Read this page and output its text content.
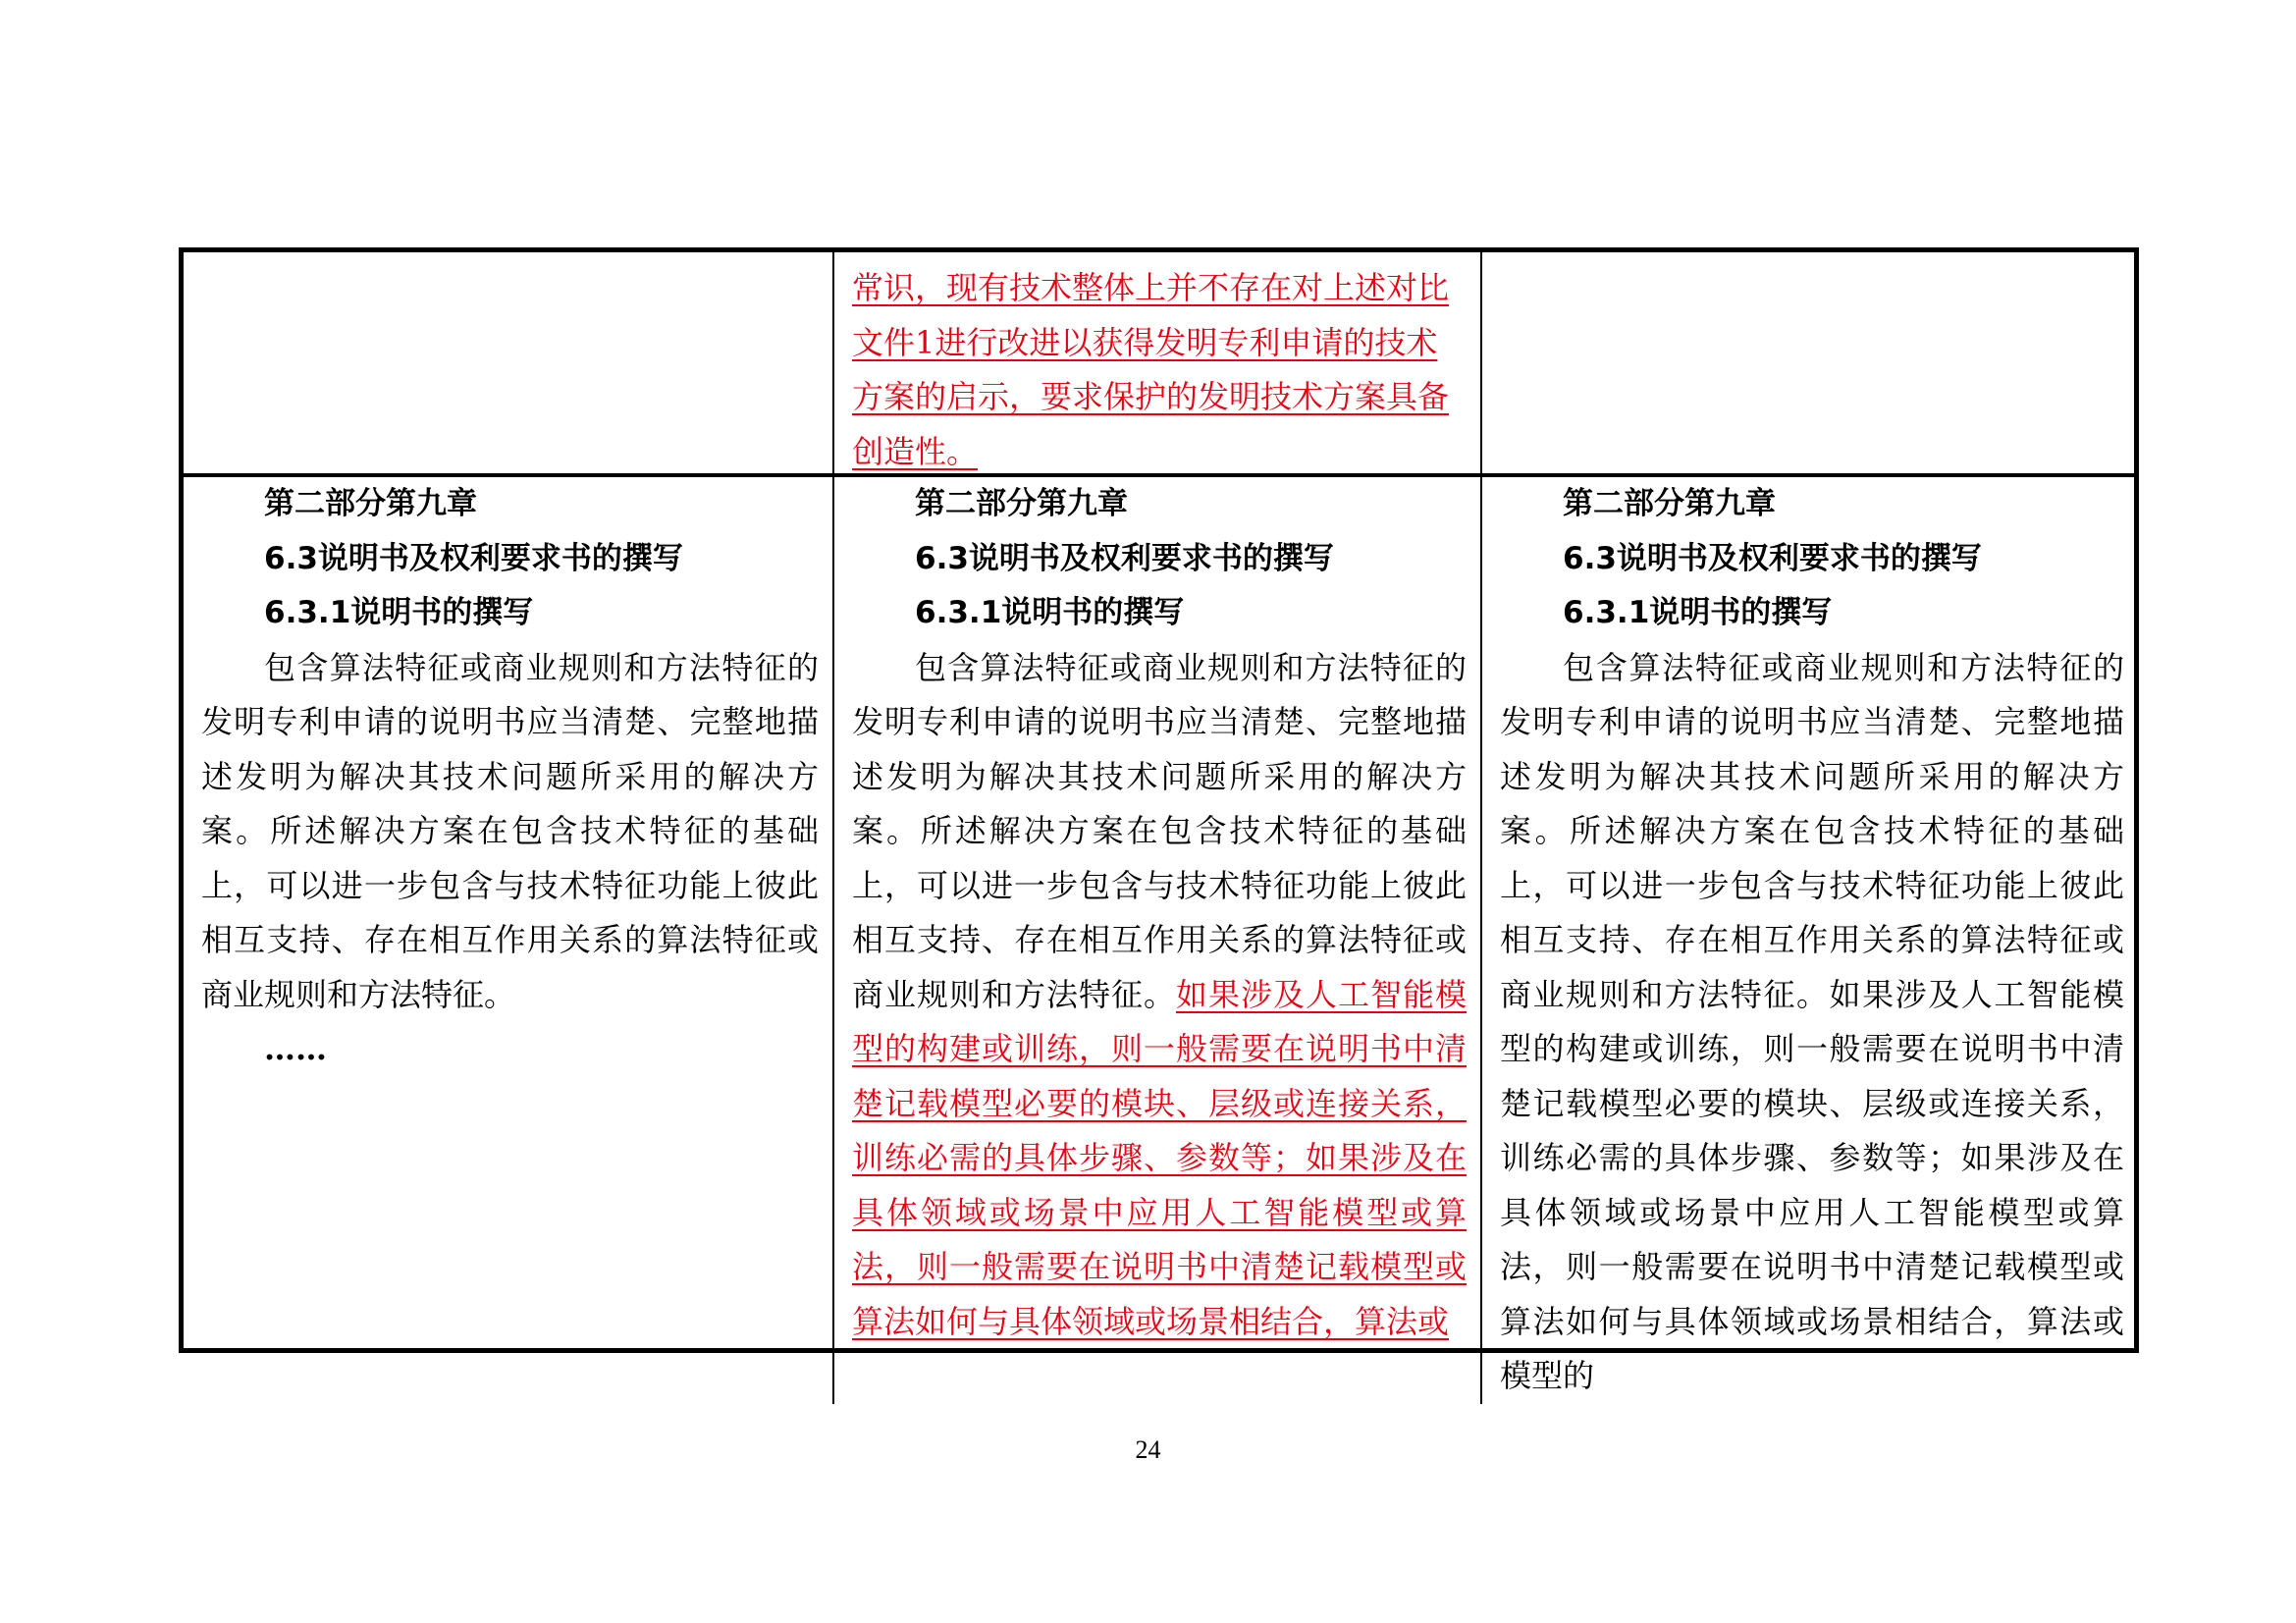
常识，现有技术整体上并不存在对上述对比文件1进行改进以获得发明专利申请的技术方案的启示，要求保护的发明技术方案具备创造性。
第二部分第九章
6.3说明书及权利要求书的撰写
6.3.1说明书的撰写
包含算法特征或商业规则和方法特征的发明专利申请的说明书应当清楚、完整地描述发明为解决其技术问题所采用的解决方案。所述解决方案在包含技术特征的基础上，可以进一步包含与技术特征功能上彼此相互支持、存在相互作用关系的算法特征或商业规则和方法特征。
……
第二部分第九章
6.3说明书及权利要求书的撰写
6.3.1说明书的撰写
包含算法特征或商业规则和方法特征的发明专利申请的说明书应当清楚、完整地描述发明为解决其技术问题所采用的解决方案。所述解决方案在包含技术特征的基础上，可以进一步包含与技术特征功能上彼此相互支持、存在相互作用关系的算法特征或商业规则和方法特征。如果涉及人工智能模型的构建或训练，则一般需要在说明书中清楚记载模型必要的模块、层级或连接关系，训练必需的具体步骤、参数等；如果涉及在具体领域或场景中应用人工智能模型或算法，则一般需要在说明书中清楚记载模型或算法如何与具体领域或场景相结合，算法或
第二部分第九章
6.3说明书及权利要求书的撰写
6.3.1说明书的撰写
包含算法特征或商业规则和方法特征的发明专利申请的说明书应当清楚、完整地描述发明为解决其技术问题所采用的解决方案。所述解决方案在包含技术特征的基础上，可以进一步包含与技术特征功能上彼此相互支持、存在相互作用关系的算法特征或商业规则和方法特征。如果涉及人工智能模型的构建或训练，则一般需要在说明书中清楚记载模型必要的模块、层级或连接关系，训练必需的具体步骤、参数等；如果涉及在具体领域或场景中应用人工智能模型或算法，则一般需要在说明书中清楚记载模型或算法如何与具体领域或场景相结合，算法或模型的
24
